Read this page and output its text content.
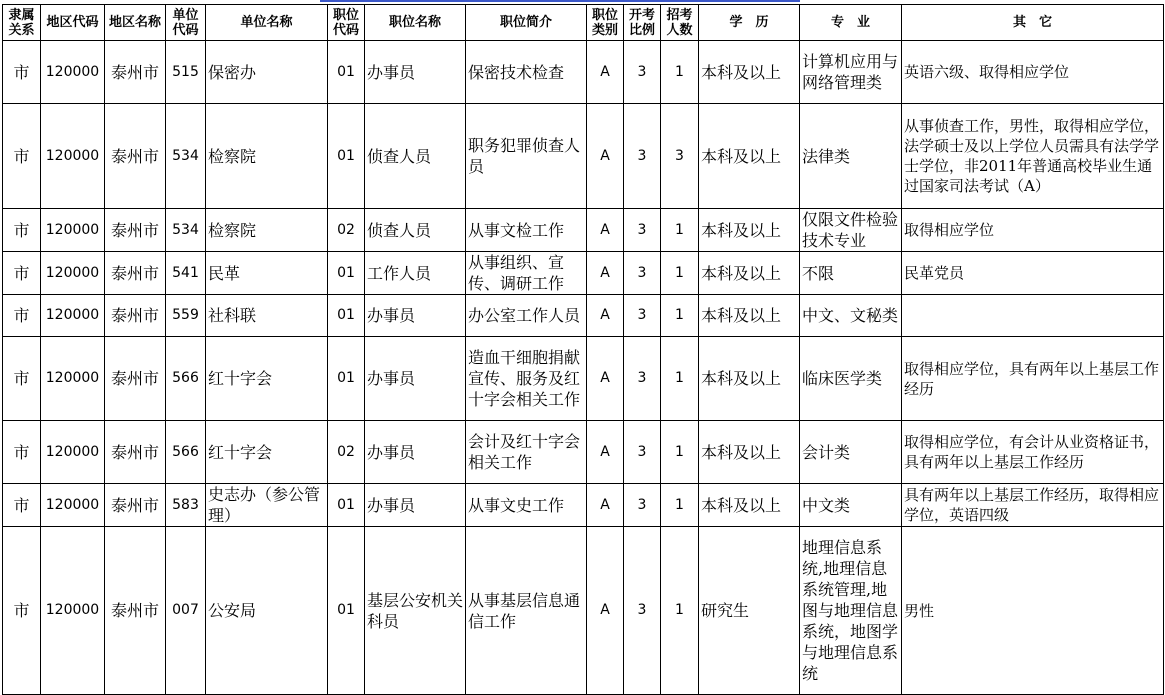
隶属关系	地区代码	地区名称	单位代码	单位名称	职位代码	职位名称	职位简介	职位类别	开考比例	招考人数	学　历	专　业	其　它
市	120000	泰州市	515	保密办	01	办事员	保密技术检查	A	3	1	本科及以上	计算机应用与网络管理类	英语六级、取得相应学位

市	120000	泰州市	534	检察院	01	侦查人员	职务犯罪侦查人员	A	3	3	本科及以上	法律类	从事侦查工作，男性，取得相应学位，法学硕士及以上学位人员需具有法学学士学位，非2011年普通高校毕业生通过国家司法考试（A）

市	120000	泰州市	534	检察院	02	侦查人员	从事文检工作	A	3	1	本科及以上	仅限文件检验技术专业	取得相应学位

市	120000	泰州市	541	民革	01	工作人员	从事组织、宣传、调研工作	A	3	1	本科及以上	不限	民革党员

市	120000	泰州市	559	社科联	01	办事员	办公室工作人员	A	3	1	本科及以上	中文、文秘类	

市	120000	泰州市	566	红十字会	01	办事员	造血干细胞捐献宣传、服务及红十字会相关工作	A	3	1	本科及以上	临床医学类	取得相应学位，具有两年以上基层工作经历

市	120000	泰州市	566	红十字会	02	办事员	会计及红十字会相关工作	A	3	1	本科及以上	会计类	取得相应学位，有会计从业资格证书，具有两年以上基层工作经历

市	120000	泰州市	583	史志办（参公管理）	01	办事员	从事文史工作	A	3	1	本科及以上	中文类	具有两年以上基层工作经历，取得相应学位，英语四级

市	120000	泰州市	007	公安局	01	基层公安机关科员	从事基层信息通信工作	A	3	1	研究生	地理信息系统,地理信息系统管理,地图与地理信息系统，地图学与地理信息系统	男性
